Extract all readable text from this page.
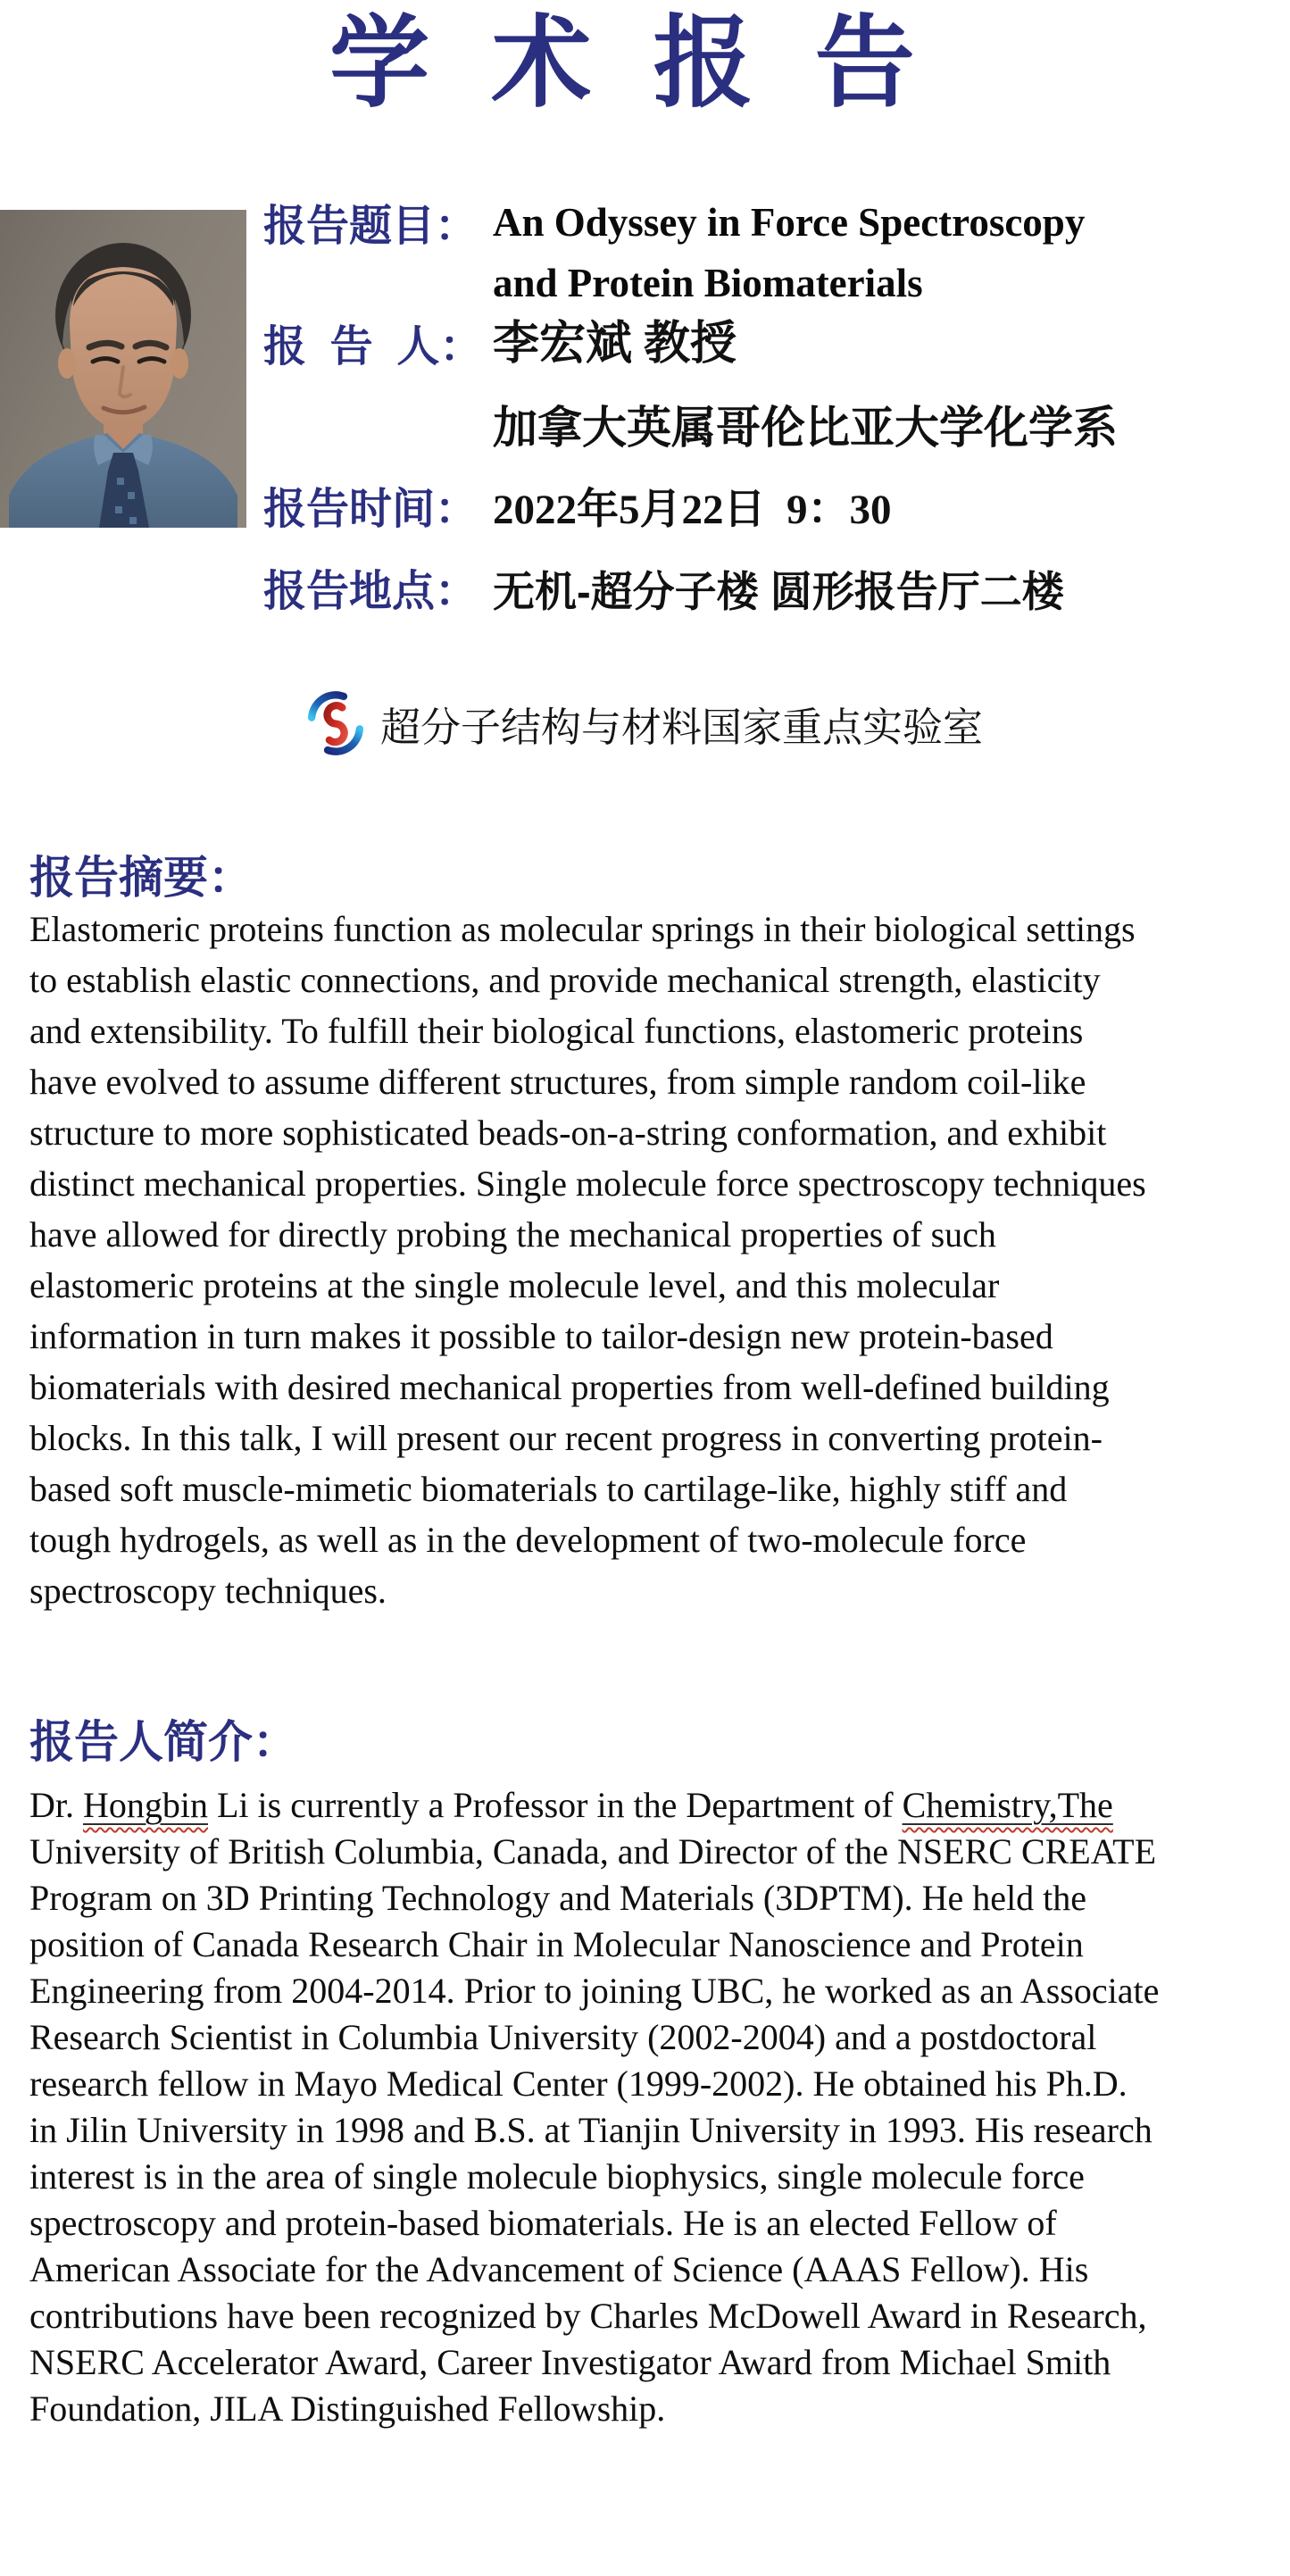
学 术 报 告
报告题目： An Odyssey in Force Spectroscopy
and Protein Biomaterials
报  告  人： 李宏斌 教授
加拿大英属哥伦比亚大学化学系
报告时间： 2022年5月22日  9：30
报告地点： 无机-超分子楼 圆形报告厅二楼
超分子结构与材料国家重点实验室
报告摘要：
Elastomeric proteins function as molecular springs in their biological settings
to establish elastic connections, and provide mechanical strength, elasticity
and extensibility. To fulfill their biological functions, elastomeric proteins
have evolved to assume different structures, from simple random coil-like
structure to more sophisticated beads-on-a-string conformation, and exhibit
distinct mechanical properties. Single molecule force spectroscopy techniques
have allowed for directly probing the mechanical properties of such
elastomeric proteins at the single molecule level, and this molecular
information in turn makes it possible to tailor-design new protein-based
biomaterials with desired mechanical properties from well-defined building
blocks. In this talk, I will present our recent progress in converting protein-
based soft muscle-mimetic biomaterials to cartilage-like, highly stiff and
tough hydrogels, as well as in the development of two-molecule force
spectroscopy techniques.
报告人简介：
Dr. Hongbin Li is currently a Professor in the Department of Chemistry,The
University of British Columbia, Canada, and Director of the NSERC CREATE
Program on 3D Printing Technology and Materials (3DPTM). He held the
position of Canada Research Chair in Molecular Nanoscience and Protein
Engineering from 2004-2014. Prior to joining UBC, he worked as an Associate
Research Scientist in Columbia University (2002-2004) and a postdoctoral
research fellow in Mayo Medical Center (1999-2002). He obtained his Ph.D.
in Jilin University in 1998 and B.S. at Tianjin University in 1993. His research
interest is in the area of single molecule biophysics, single molecule force
spectroscopy and protein-based biomaterials. He is an elected Fellow of
American Associate for the Advancement of Science (AAAS Fellow). His
contributions have been recognized by Charles McDowell Award in Research,
NSERC Accelerator Award, Career Investigator Award from Michael Smith
Foundation, JILA Distinguished Fellowship.
